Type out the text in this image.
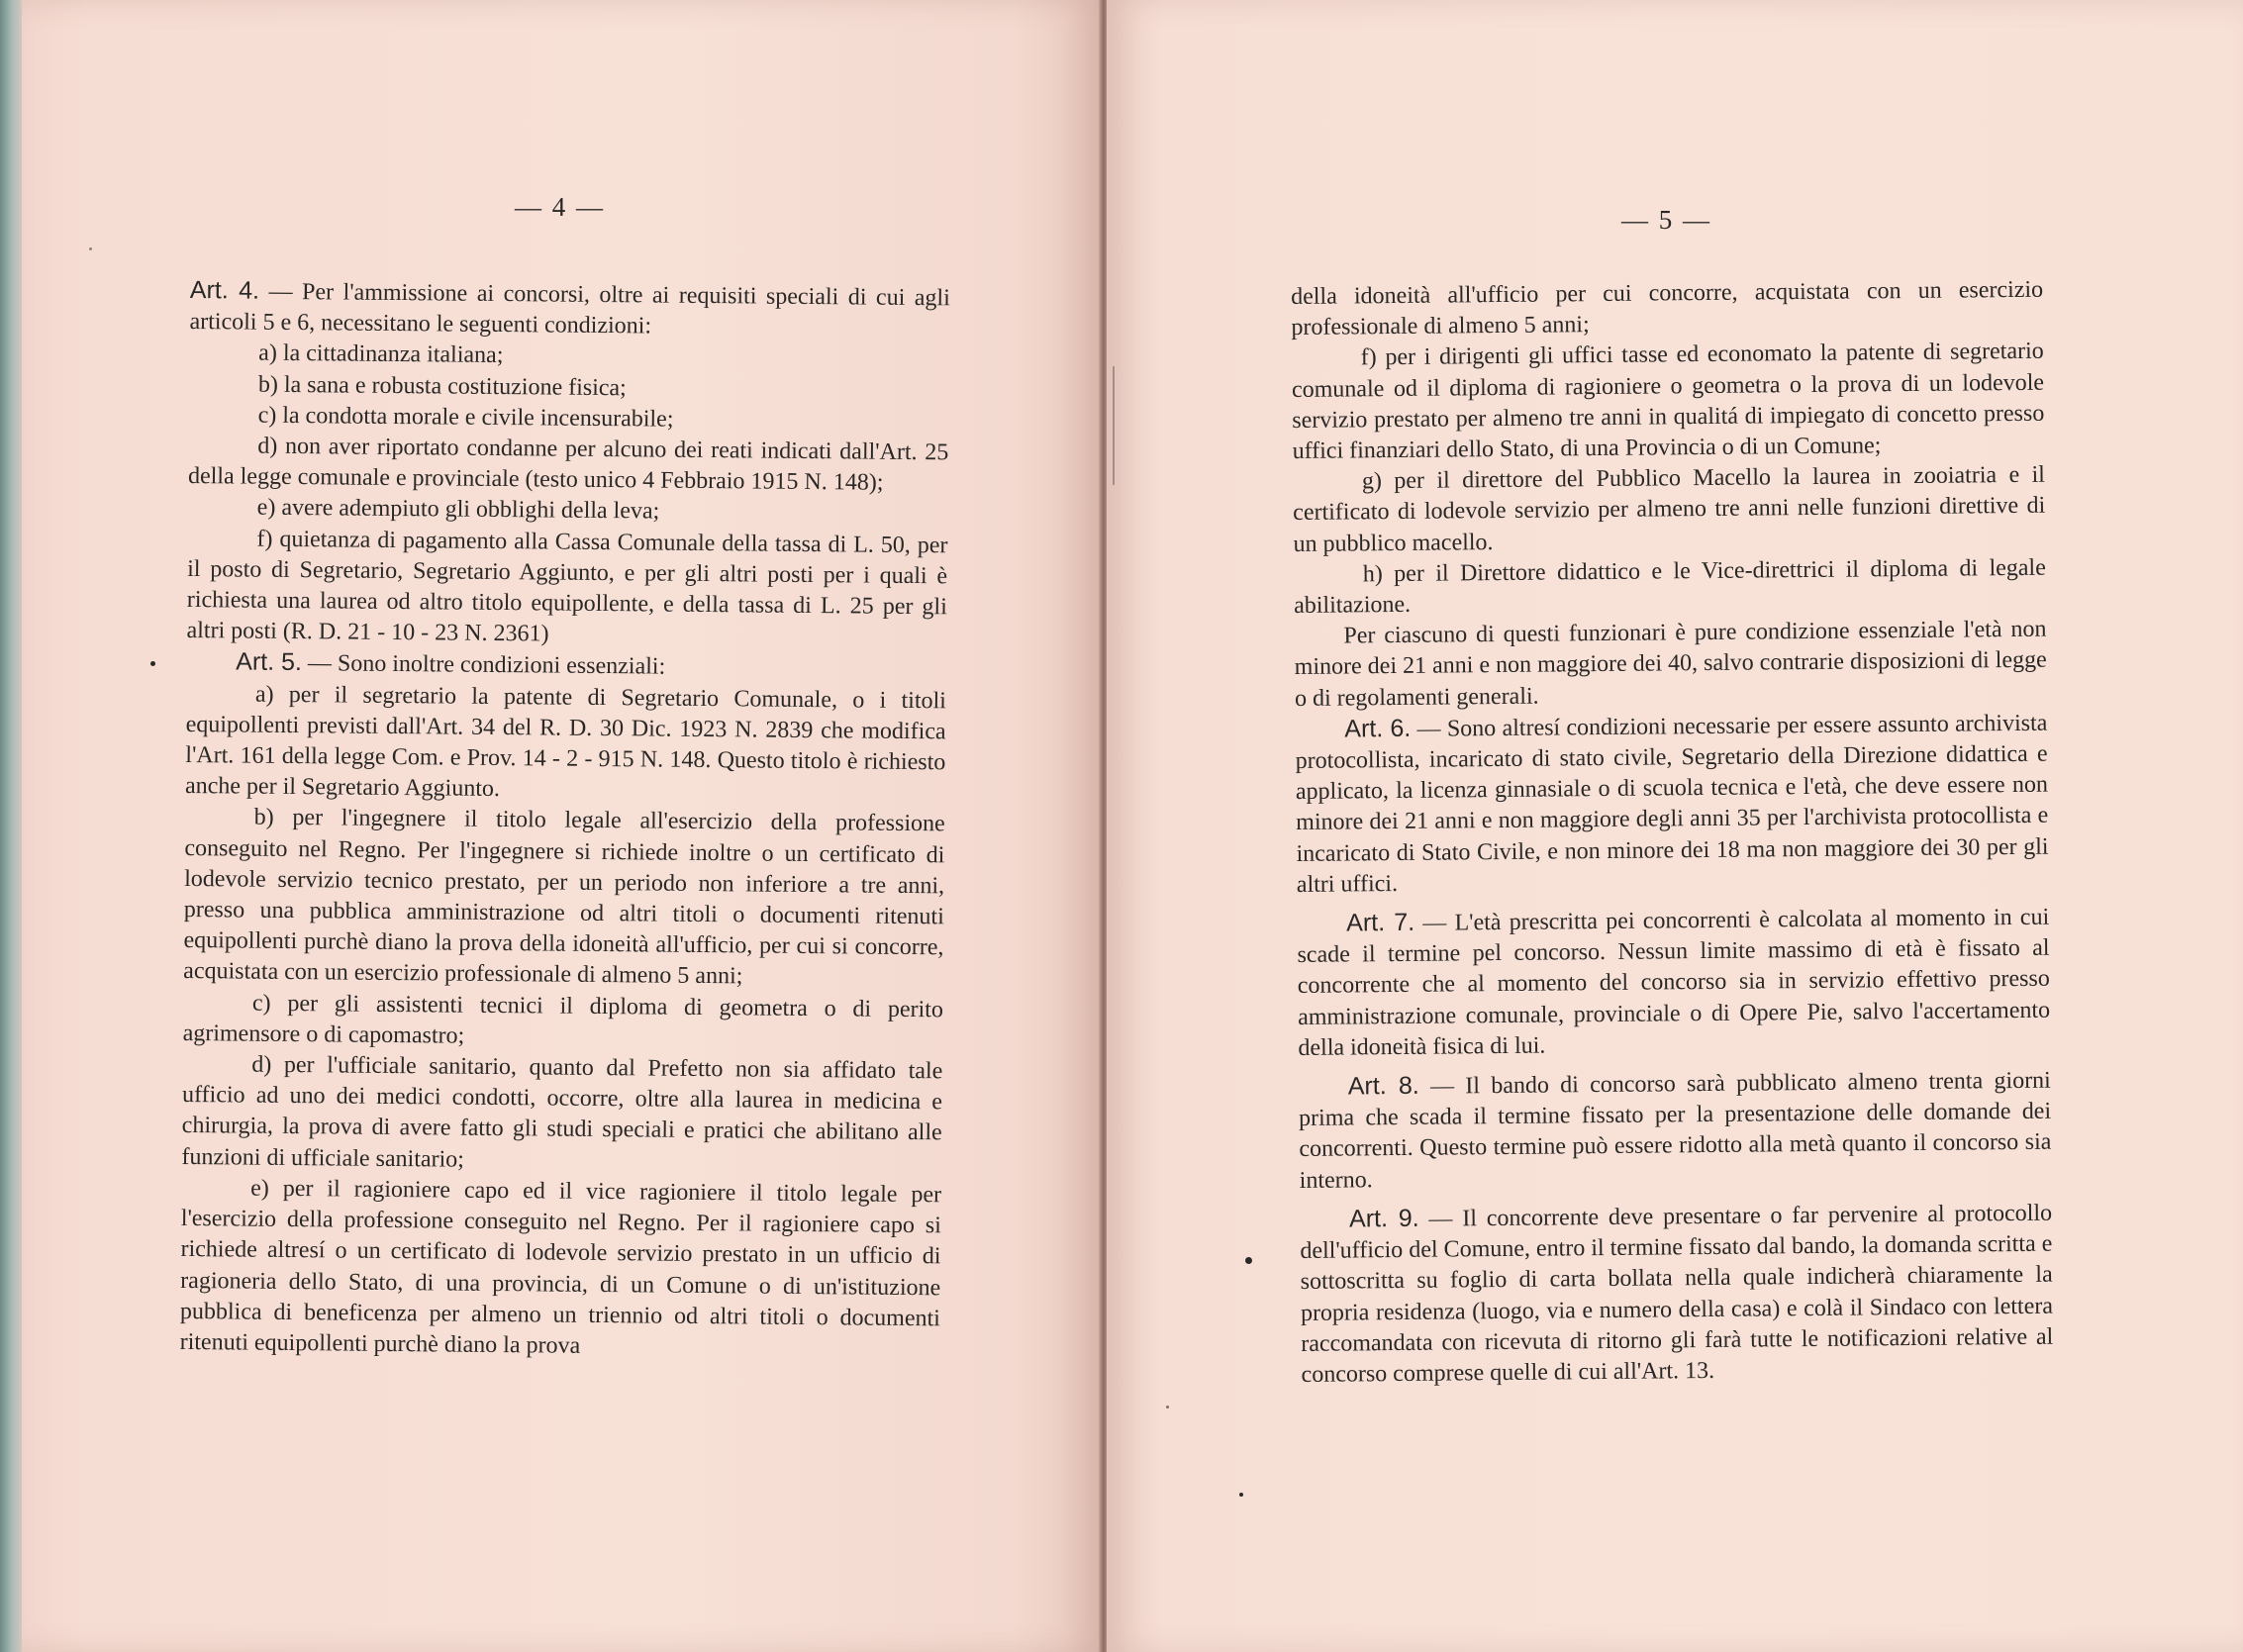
— 4 —

Art. 4. — Per l'ammissione ai concorsi, oltre ai requisiti speciali di cui agli articoli 5 e 6, necessitano le seguenti condizioni:

a) la cittadinanza italiana;

b) la sana e robusta costituzione fisica;

c) la condotta morale e civile incensurabile;

d) non aver riportato condanne per alcuno dei reati indicati dall'Art. 25 della legge comunale e provinciale (testo unico 4 Febbraio 1915 N. 148);

e) avere adempiuto gli obblighi della leva;

f) quietanza di pagamento alla Cassa Comunale della tassa di L. 50, per il posto di Segretario, Segretario Aggiunto, e per gli altri posti per i quali è richiesta una laurea od altro titolo equipollente, e della tassa di L. 25 per gli altri posti (R. D. 21 - 10 - 23 N. 2361)

Art. 5. — Sono inoltre condizioni essenziali:

a) per il segretario la patente di Segretario Comunale, o i titoli equipollenti previsti dall'Art. 34 del R. D. 30 Dic. 1923 N. 2839 che modifica l'Art. 161 della legge Com. e Prov. 14 - 2 - 915 N. 148. Questo titolo è richiesto anche per il Segretario Aggiunto.

b) per l'ingegnere il titolo legale all'esercizio della professione conseguito nel Regno. Per l'ingegnere si richiede inoltre o un certificato di lodevole servizio tecnico prestato, per un periodo non inferiore a tre anni, presso una pubblica amministrazione od altri titoli o documenti ritenuti equipollenti purchè diano la prova della idoneità all'ufficio, per cui si concorre, acquistata con un esercizio professionale di almeno 5 anni;

c) per gli assistenti tecnici il diploma di geometra o di perito agrimensore o di capomastro;

d) per l'ufficiale sanitario, quanto dal Prefetto non sia affidato tale ufficio ad uno dei medici condotti, occorre, oltre alla laurea in medicina e chirurgia, la prova di avere fatto gli studi speciali e pratici che abilitano alle funzioni di ufficiale sanitario;

e) per il ragioniere capo ed il vice ragioniere il titolo legale per l'esercizio della professione conseguito nel Regno. Per il ragioniere capo si richiede altresí o un certificato di lodevole servizio prestato in un ufficio di ragioneria dello Stato, di una provincia, di un Comune o di un'istituzione pubblica di beneficenza per almeno un triennio od altri titoli o documenti ritenuti equipollenti purchè diano la prova

— 5 —

della idoneità all'ufficio per cui concorre, acquistata con un esercizio professionale di almeno 5 anni;

f) per i dirigenti gli uffici tasse ed economato la patente di segretario comunale od il diploma di ragioniere o geometra o la prova di un lodevole servizio prestato per almeno tre anni in qualitá di impiegato di concetto presso uffici finanziari dello Stato, di una Provincia o di un Comune;

g) per il direttore del Pubblico Macello la laurea in zooiatria e il certificato di lodevole servizio per almeno tre anni nelle funzioni direttive di un pubblico macello.

h) per il Direttore didattico e le Vice-direttrici il diploma di legale abilitazione.

Per ciascuno di questi funzionari è pure condizione essenziale l'età non minore dei 21 anni e non maggiore dei 40, salvo contrarie disposizioni di legge o di regolamenti generali.

Art. 6. — Sono altresí condizioni necessarie per essere assunto archivista protocollista, incaricato di stato civile, Segretario della Direzione didattica e applicato, la licenza ginnasiale o di scuola tecnica e l'età, che deve essere non minore dei 21 anni e non maggiore degli anni 35 per l'archivista protocollista e incaricato di Stato Civile, e non minore dei 18 ma non maggiore dei 30 per gli altri uffici.

Art. 7. — L'età prescritta pei concorrenti è calcolata al momento in cui scade il termine pel concorso. Nessun limite massimo di età è fissato al concorrente che al momento del concorso sia in servizio effettivo presso amministrazione comunale, provinciale o di Opere Pie, salvo l'accertamento della idoneità fisica di lui.

Art. 8. — Il bando di concorso sarà pubblicato almeno trenta giorni prima che scada il termine fissato per la presentazione delle domande dei concorrenti. Questo termine può essere ridotto alla metà quanto il concorso sia interno.

Art. 9. — Il concorrente deve presentare o far pervenire al protocollo dell'ufficio del Comune, entro il termine fissato dal bando, la domanda scritta e sottoscritta su foglio di carta bollata nella quale indicherà chiaramente la propria residenza (luogo, via e numero della casa) e colà il Sindaco con lettera raccomandata con ricevuta di ritorno gli farà tutte le notificazioni relative al concorso comprese quelle di cui all'Art. 13.
